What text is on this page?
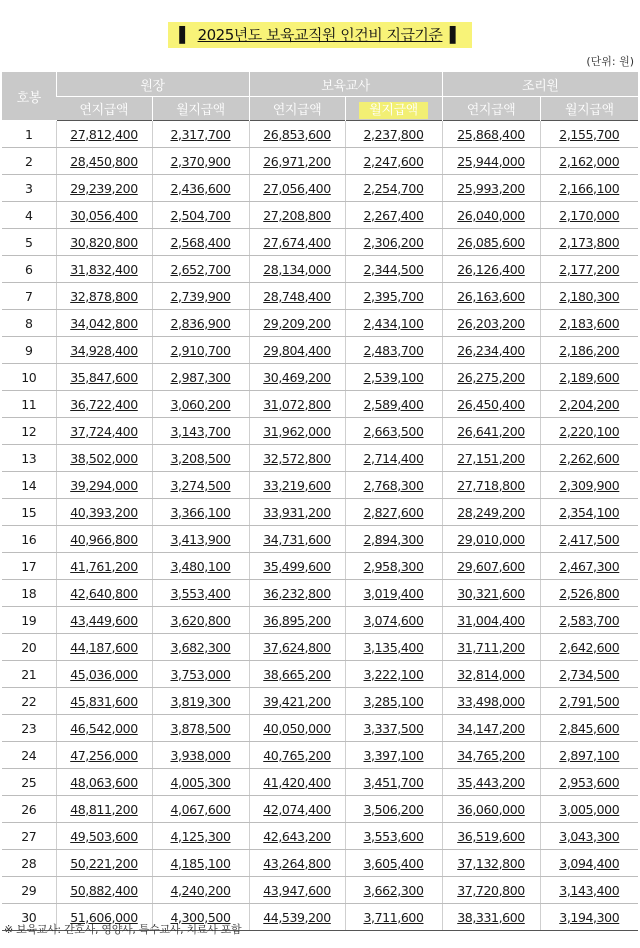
▌ 2025년도 보육교직원 인건비 지급기준 ▌
(단위: 원)
호봉	원장		보육교사		조리원	
	연지급액	월지급액	연지급액	월지급액	연지급액	월지급액
1	27,812,400	2,317,700	26,853,600	2,237,800	25,868,400	2,155,700
2	28,450,800	2,370,900	26,971,200	2,247,600	25,944,000	2,162,000
3	29,239,200	2,436,600	27,056,400	2,254,700	25,993,200	2,166,100
4	30,056,400	2,504,700	27,208,800	2,267,400	26,040,000	2,170,000
5	30,820,800	2,568,400	27,674,400	2,306,200	26,085,600	2,173,800
6	31,832,400	2,652,700	28,134,000	2,344,500	26,126,400	2,177,200
7	32,878,800	2,739,900	28,748,400	2,395,700	26,163,600	2,180,300
8	34,042,800	2,836,900	29,209,200	2,434,100	26,203,200	2,183,600
9	34,928,400	2,910,700	29,804,400	2,483,700	26,234,400	2,186,200
10	35,847,600	2,987,300	30,469,200	2,539,100	26,275,200	2,189,600
11	36,722,400	3,060,200	31,072,800	2,589,400	26,450,400	2,204,200
12	37,724,400	3,143,700	31,962,000	2,663,500	26,641,200	2,220,100
13	38,502,000	3,208,500	32,572,800	2,714,400	27,151,200	2,262,600
14	39,294,000	3,274,500	33,219,600	2,768,300	27,718,800	2,309,900
15	40,393,200	3,366,100	33,931,200	2,827,600	28,249,200	2,354,100
16	40,966,800	3,413,900	34,731,600	2,894,300	29,010,000	2,417,500
17	41,761,200	3,480,100	35,499,600	2,958,300	29,607,600	2,467,300
18	42,640,800	3,553,400	36,232,800	3,019,400	30,321,600	2,526,800
19	43,449,600	3,620,800	36,895,200	3,074,600	31,004,400	2,583,700
20	44,187,600	3,682,300	37,624,800	3,135,400	31,711,200	2,642,600
21	45,036,000	3,753,000	38,665,200	3,222,100	32,814,000	2,734,500
22	45,831,600	3,819,300	39,421,200	3,285,100	33,498,000	2,791,500
23	46,542,000	3,878,500	40,050,000	3,337,500	34,147,200	2,845,600
24	47,256,000	3,938,000	40,765,200	3,397,100	34,765,200	2,897,100
25	48,063,600	4,005,300	41,420,400	3,451,700	35,443,200	2,953,600
26	48,811,200	4,067,600	42,074,400	3,506,200	36,060,000	3,005,000
27	49,503,600	4,125,300	42,643,200	3,553,600	36,519,600	3,043,300
28	50,221,200	4,185,100	43,264,800	3,605,400	37,132,800	3,094,400
29	50,882,400	4,240,200	43,947,600	3,662,300	37,720,800	3,143,400
30	51,606,000	4,300,500	44,539,200	3,711,600	38,331,600	3,194,300
※ 보육교사: 간호사, 영양사, 특수교사, 치료사 포함
